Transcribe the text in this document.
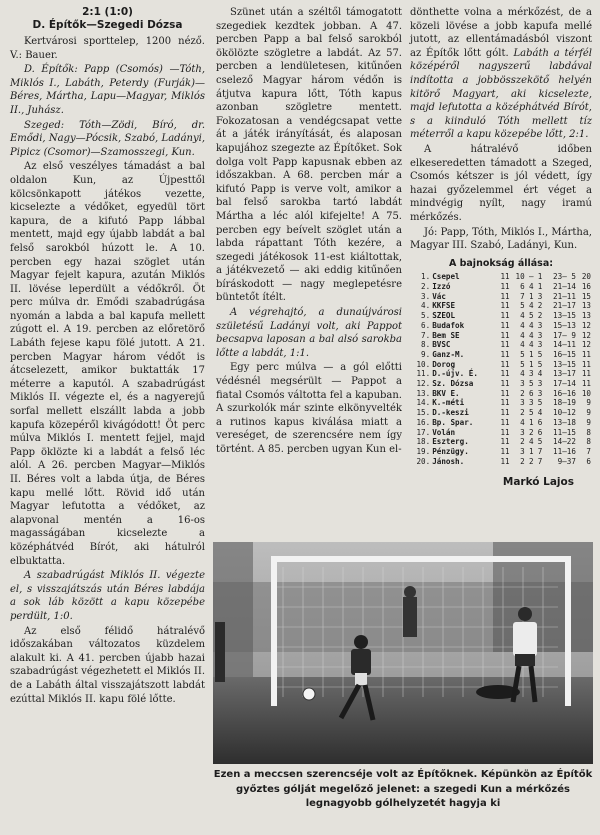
2:1 (1:0)
D. Építők—Szegedi Dózsa

Kertvárosi sporttelep, 1200 néző. V.: Bauer.

D. Építők: Papp (Csomós) —Tóth, Miklós I., Labáth, Peterdy (Furják)—Béres, Mártha, Lapu—Magyar, Miklós II., Juhász.

Szeged: Tóth—Zödi, Bíró, dr. Emődi, Nagy—Pócsik, Szabó, Ladányi, Pipicz (Csomor)—Szamosszegi, Kun.

Az első veszélyes támadást a bal oldalon Kun, az Újpesttől kölcsönkapott játékos vezette, kicselezte a védőket, egyedül tört kapura, de a kifutó Papp lábbal mentett, majd egy újabb labdát a bal felső sarokból húzott le. A 10. percben egy hazai szöglet után Magyar fejelt kapura, azután Miklós II. lövése leperdült a védőkről. Öt perc múlva dr. Emődi szabadrúgása nyomán a labda a bal kapufa mellett zúgott el. A 19. percben az előretörő Labáth fejese kapu fölé jutott. A 21. percben Magyar három védőt is átcselezett, amikor buktatták 17 méterre a kaputól. A szabadrúgást Miklós II. végezte el, és a nagyerejű sorfal mellett elszállt labda a jobb kapufa közepéről kivágódott! Öt perc múlva Miklós I. mentett fejjel, majd Papp öklözte ki a labdát a felső léc alól. A 26. percben Magyar—Miklós II. Béres volt a labda útja, de Béres kapu mellé lőtt. Rövid idő után Magyar lefutotta a védőket, az alapvonal mentén a 16-os magasságában kicselezte a középhátvéd Bírót, aki hátulról elbuktatta.

A szabadrúgást Miklós II. végezte el, s visszajátszás után Béres labdája a sok láb között a kapu közepébe perdült, 1:0.

Az első félidő hátralévő időszakában változatos küzdelem alakult ki. A 41. percben újabb hazai szabadrúgást végezhetett el Miklós II. de a Labáth által visszajátszott labdát ezúttal Miklós II. kapu fölé lőtte.

Szünet után a széltől támogatott szegediek kezdtek jobban. A 47. percben Papp a bal felső sarokból ökölözte szögletre a labdát. Az 57. percben a lendületesen, kitűnően cselező Magyar három védőn is átjutva kapura lőtt, Tóth kapus azonban szögletre mentett. Fokozatosan a vendégcsapat vette át a játék irányítását, és alaposan kapujához szegezte az Építőket. Sok dolga volt Papp kapusnak ebben az időszakban. A 68. percben már a kifutó Papp is verve volt, amikor a bal felső sarokba tartó labdát Mártha a léc alól kifejelte! A 75. percben egy beívelt szöglet után a labda rápattant Tóth kezére, a szegedi játékosok 11-est kiáltottak, a játékvezető — aki eddig kitűnően bíráskodott — nagy meglepetésre büntetőt ítélt.

A végrehajtó, a dunaújvárosi születésű Ladányi volt, aki Pappot becsapva laposan a bal alsó sarokba lőtte a labdát, 1:1.

Egy perc múlva — a gól előtti védésnél megsérült — Pappot a fiatal Csomós váltotta fel a kapuban. A szurkolók már szinte elkönyvelték a rutinos kapus kiválása miatt a vereséget, de szerencsére nem így történt. A 85. percben ugyan Kun el-

dönthette volna a mérkőzést, de a közeli lövése a jobb kapufa mellé jutott, az ellentámadásból viszont az Építők lőtt gólt. Labáth a térfél középéről nagyszerű labdával indította a jobbösszekötő helyén kitörő Magyart, aki kicselezte, majd lefutotta a középhátvéd Bírót, s a kiinduló Tóth mellett tíz méterről a kapu közepébe lőtt, 2:1.

A hátralévő időben elkeseredetten támadott a Szeged, Csomós kétszer is jól védett, így hazai győzelemmel ért véget a mindvégig nyílt, nagy iramú mérkőzés.

Jó: Papp, Tóth, Miklós I., Mártha, Magyar III. Szabó, Ladányi, Kun.

A bajnokság állása:
1.	Csepel	11	10	—	1	23— 5	20
2.	Izzó	11	6	4	1	21—14	16
3.	Vác	11	7	1	3	21—11	15
4.	KKFSE	11	5	4	2	21—17	13
5.	SZEOL	11	4	5	2	13—15	13
6.	Budafok	11	4	4	3	15—13	12
7.	Bem SE	11	4	4	3	17— 9	12
8.	BVSC	11	4	4	3	14—11	12
9.	Ganz-M.	11	5	1	5	16—15	11
10.	Dorog	11	5	1	5	13—15	11
11.	D.-újv. É.	11	4	3	4	13—17	11
12.	Sz. Dózsa	11	3	5	3	17—14	11
13.	BKV E.	11	2	6	3	16—16	10
14.	K.-méti	11	3	3	5	18—19	9
15.	D.-keszi	11	2	5	4	10—12	9
16.	Bp. Spar.	11	4	1	6	13—18	9
17.	Volán	11	3	2	6	11—15	8
18.	Eszterg.	11	2	4	5	14—22	8
19.	Pénzügy.	11	3	1	7	11—16	7
20.	Jánosh.	11	2	2	7	9—37	6
Markó Lajos
Ezen a meccsen szerencséje volt az Építőknek. Képünkön az Építők győztes gólját megelőző jelenet: a szegedi Kun a mérkőzés legnagyobb gólhelyzetét hagyja ki
